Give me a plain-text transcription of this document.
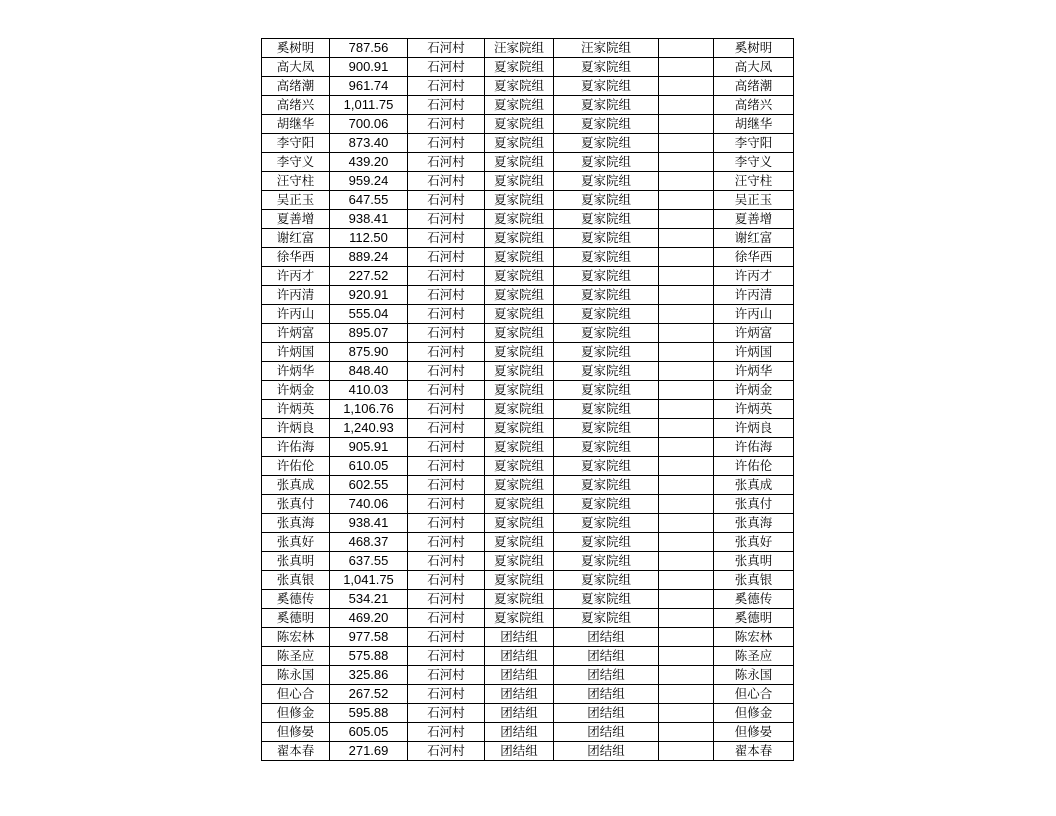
奚树明	787.56	石河村	汪家院组	汪家院组		奚树明
高大凤	900.91	石河村	夏家院组	夏家院组		高大凤
高绪潮	961.74	石河村	夏家院组	夏家院组		高绪潮
高绪兴	1,011.75	石河村	夏家院组	夏家院组		高绪兴
胡继华	700.06	石河村	夏家院组	夏家院组		胡继华
李守阳	873.40	石河村	夏家院组	夏家院组		李守阳
李守义	439.20	石河村	夏家院组	夏家院组		李守义
汪守柱	959.24	石河村	夏家院组	夏家院组		汪守柱
吴正玉	647.55	石河村	夏家院组	夏家院组		吴正玉
夏善增	938.41	石河村	夏家院组	夏家院组		夏善增
谢红富	112.50	石河村	夏家院组	夏家院组		谢红富
徐华西	889.24	石河村	夏家院组	夏家院组		徐华西
许丙才	227.52	石河村	夏家院组	夏家院组		许丙才
许丙清	920.91	石河村	夏家院组	夏家院组		许丙清
许丙山	555.04	石河村	夏家院组	夏家院组		许丙山
许炳富	895.07	石河村	夏家院组	夏家院组		许炳富
许炳国	875.90	石河村	夏家院组	夏家院组		许炳国
许炳华	848.40	石河村	夏家院组	夏家院组		许炳华
许炳金	410.03	石河村	夏家院组	夏家院组		许炳金
许炳英	1,106.76	石河村	夏家院组	夏家院组		许炳英
许炳良	1,240.93	石河村	夏家院组	夏家院组		许炳良
许佑海	905.91	石河村	夏家院组	夏家院组		许佑海
许佑伦	610.05	石河村	夏家院组	夏家院组		许佑伦
张真成	602.55	石河村	夏家院组	夏家院组		张真成
张真付	740.06	石河村	夏家院组	夏家院组		张真付
张真海	938.41	石河村	夏家院组	夏家院组		张真海
张真好	468.37	石河村	夏家院组	夏家院组		张真好
张真明	637.55	石河村	夏家院组	夏家院组		张真明
张真银	1,041.75	石河村	夏家院组	夏家院组		张真银
奚德传	534.21	石河村	夏家院组	夏家院组		奚德传
奚德明	469.20	石河村	夏家院组	夏家院组		奚德明
陈宏林	977.58	石河村	团结组	团结组		陈宏林
陈圣应	575.88	石河村	团结组	团结组		陈圣应
陈永国	325.86	石河村	团结组	团结组		陈永国
但心合	267.52	石河村	团结组	团结组		但心合
但修金	595.88	石河村	团结组	团结组		但修金
但修晏	605.05	石河村	团结组	团结组		但修晏
翟本春	271.69	石河村	团结组	团结组		翟本春
